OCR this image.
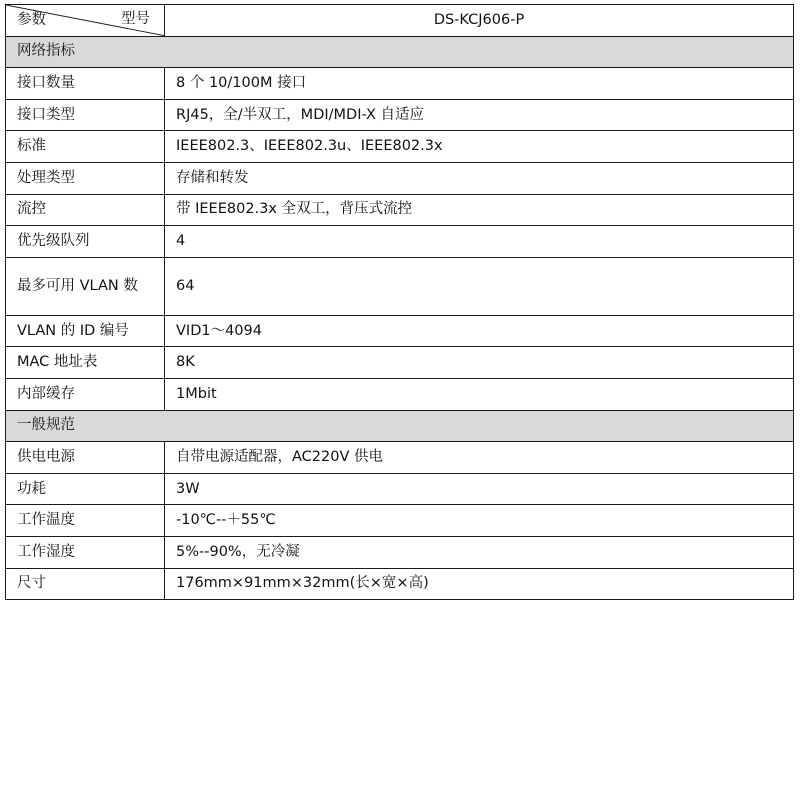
参数 型号	DS-KCJ606-P
网络指标	
接口数量	8 个 10/100M 接口
接口类型	RJ45，全/半双工，MDI/MDI-X 自适应
标准	IEEE802.3、IEEE802.3u、IEEE802.3x
处理类型	存储和转发
流控	带 IEEE802.3x 全双工，背压式流控
优先级队列	4
最多可用 VLAN 数	64
VLAN 的 ID 编号	VID1～4094
MAC 地址表	8K
内部缓存	1Mbit
一般规范	
供电电源	自带电源适配器，AC220V 供电
功耗	3W
工作温度	-10℃--＋55℃
工作湿度	5%--90%，无冷凝
尺寸	176mm×91mm×32mm(长×宽×高)
